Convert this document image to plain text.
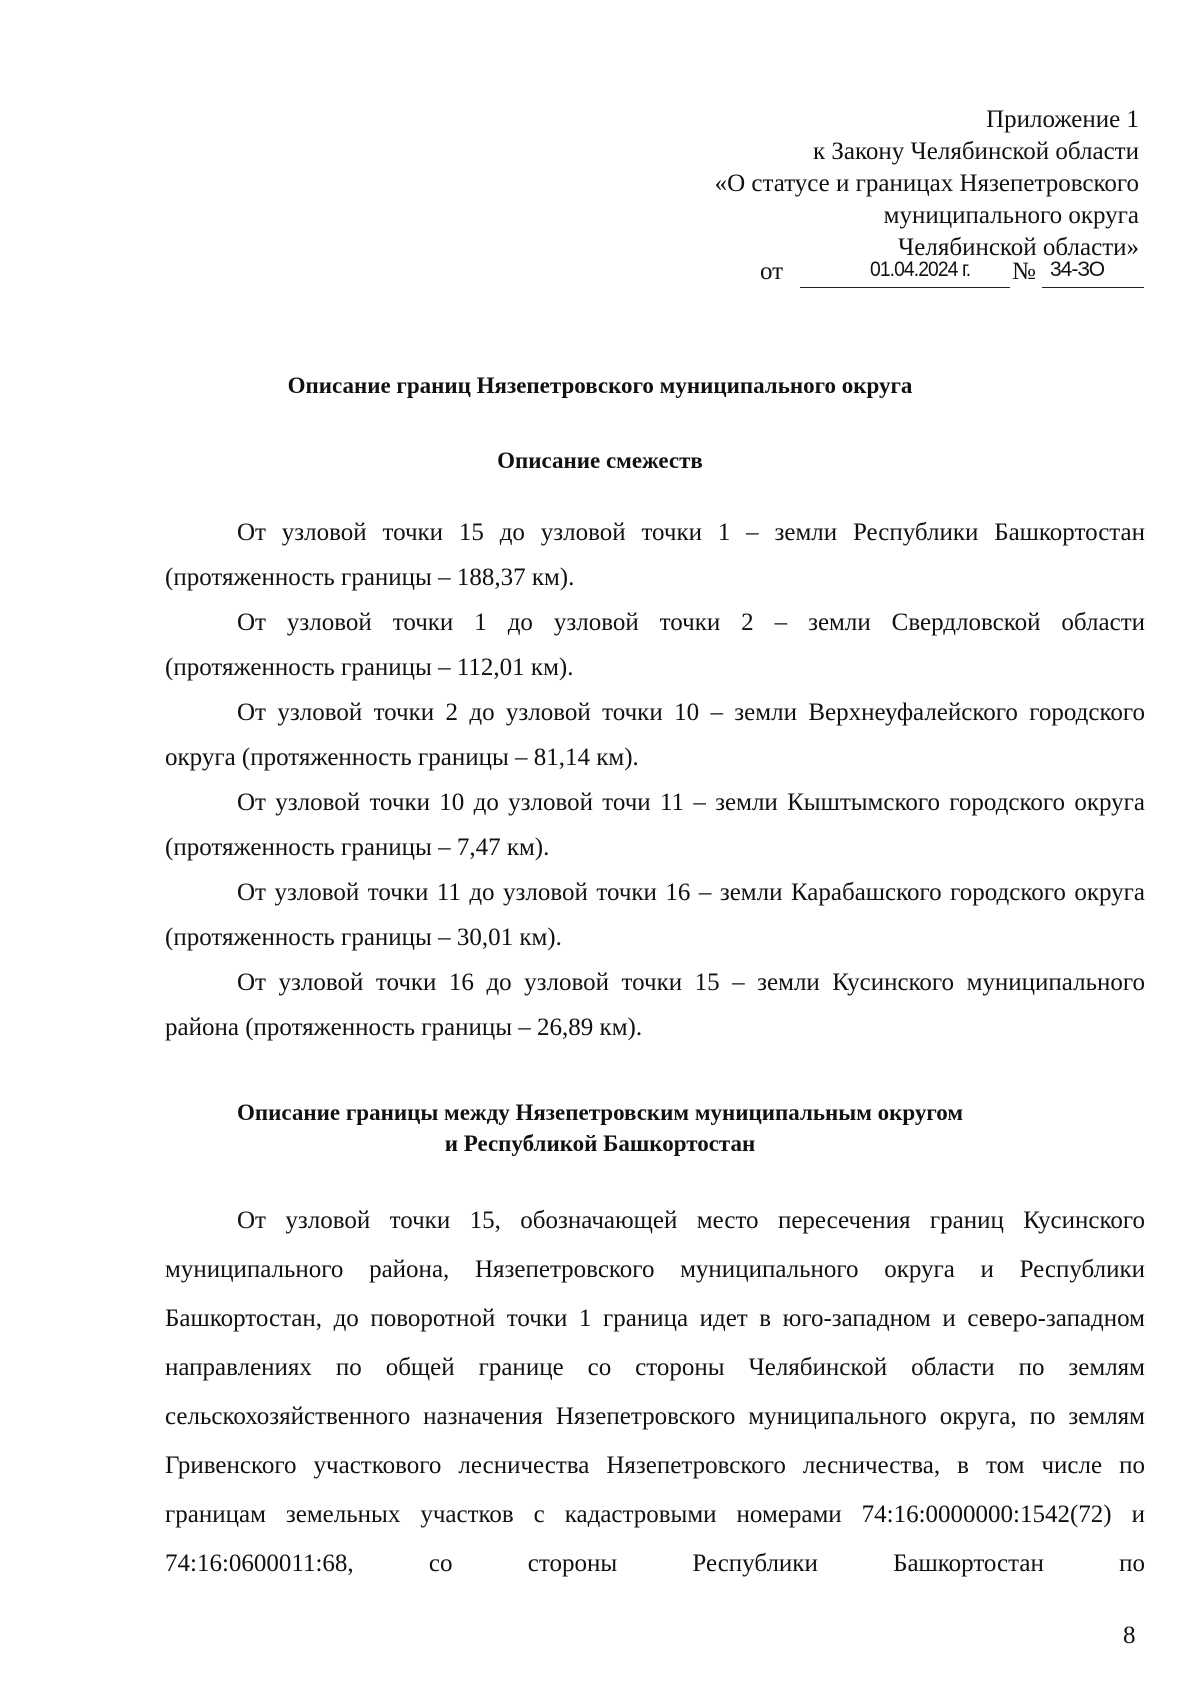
Приложение 1
к Закону Челябинской области
«О статусе и границах Нязепетровского
муниципального округа
Челябинской области»
от	01.04.2024 г. № 34-ЗО
Описание границ Нязепетровского муниципального округа
Описание смежеств

От узловой точки 15 до узловой точки 1 – земли Республики Башкортостан (протяженность границы – 188,37 км).

От узловой точки 1 до узловой точки 2 – земли Свердловской области (протяженность границы – 112,01 км).

От узловой точки 2 до узловой точки 10 – земли Верхнеуфалейского городского округа (протяженность границы – 81,14 км).

От узловой точки 10 до узловой точи 11 – земли Кыштымского городского округа (протяженность границы – 7,47 км).

От узловой точки 11 до узловой точки 16 – земли Карабашского городского округа (протяженность границы – 30,01 км).

От узловой точки 16 до узловой точки 15 – земли Кусинского муниципального района (протяженность границы – 26,89 км).

Описание границы между Нязепетровским муниципальным округом
и Республикой Башкортостан

От узловой точки 15, обозначающей место пересечения границ Кусинского муниципального района, Нязепетровского муниципального округа и Республики Башкортостан, до поворотной точки 1 граница идет в юго-западном и северо-западном направлениях по общей границе со стороны Челябинской области по землям сельскохозяйственного назначения Нязепетровского муниципального округа, по землям Гривенского участкового лесничества Нязепетровского лесничества, в том числе по границам земельных участков с кадастровыми номерами 74:16:0000000:1542(72) и 74:16:0600011:68, со стороны Республики Башкортостан по

8
